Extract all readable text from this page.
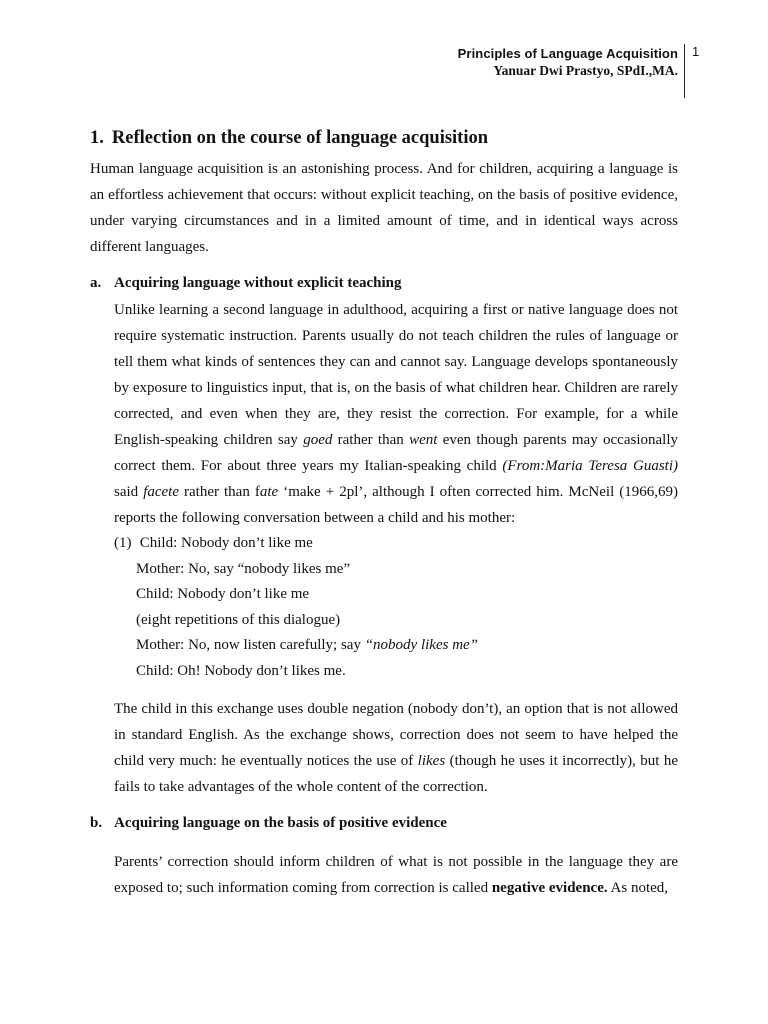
Principles of Language Acquisition
Yanuar Dwi Prastyo, SPdI.,MA.
1
1. Reflection on the course of language acquisition

Human language acquisition is an astonishing process. And for children, acquiring a language is an effortless achievement that occurs: without explicit teaching, on the basis of positive evidence, under varying circumstances and in a limited amount of time, and in identical ways across different languages.

a. Acquiring language without explicit teaching

Unlike learning a second language in adulthood, acquiring a first or native language does not require systematic instruction. Parents usually do not teach children the rules of language or tell them what kinds of sentences they can and cannot say. Language develops spontaneously by exposure to linguistics input, that is, on the basis of what children hear. Children are rarely corrected, and even when they are, they resist the correction. For example, for a while English-speaking children say goed rather than went even though parents may occasionally correct them. For about three years my Italian-speaking child (From:Maria Teresa Guasti) said facete rather than fate ‘make + 2pl’, although I often corrected him. McNeil (1966,69) reports the following conversation between a child and his mother:

(1) Child: Nobody don’t like me
Mother: No, say “nobody likes me”
Child: Nobody don’t like me
(eight repetitions of this dialogue)
Mother: No, now listen carefully; say “nobody likes me”
Child: Oh! Nobody don’t likes me.

The child in this exchange uses double negation (nobody don’t), an option that is not allowed in standard English. As the exchange shows, correction does not seem to have helped the child very much: he eventually notices the use of likes (though he uses it incorrectly), but he fails to take advantages of the whole content of the correction.

b. Acquiring language on the basis of positive evidence

Parents’ correction should inform children of what is not possible in the language they are exposed to; such information coming from correction is called negative evidence. As noted,
